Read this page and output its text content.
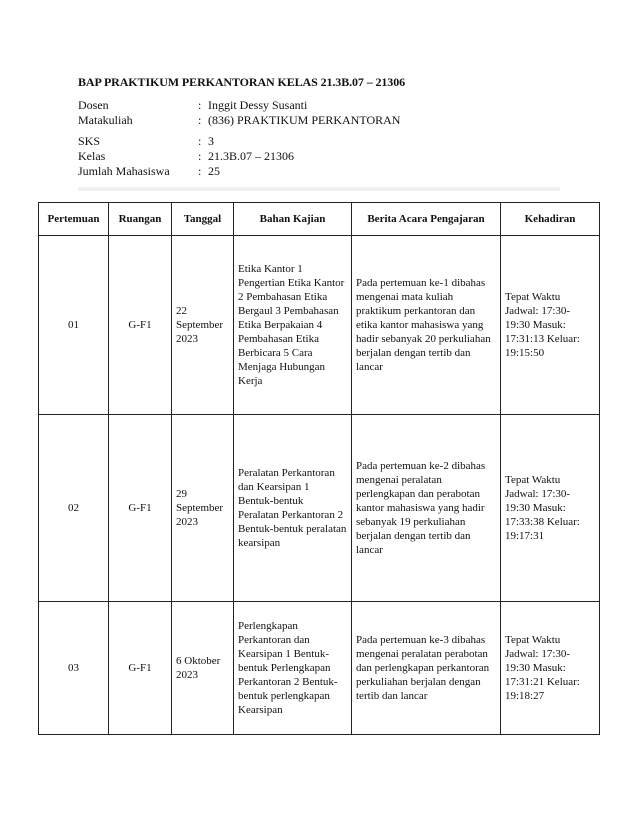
BAP PRAKTIKUM PERKANTORAN KELAS 21.3B.07 – 21306
Dosen	:	Inggit Dessy Susanti
Matakuliah	:	(836) PRAKTIKUM PERKANTORAN
SKS	:	3
Kelas	:	21.3B.07 – 21306
Jumlah Mahasiswa	:	25
Pertemuan	Ruangan	Tanggal	Bahan Kajian	Berita Acara Pengajaran	Kehadiran
01	G-F1	22 September 2023	Etika Kantor 1 Pengertian Etika Kantor 2 Pembahasan Etika Bergaul 3 Pembahasan Etika Berpakaian 4 Pembahasan Etika Berbicara 5 Cara Menjaga Hubungan Kerja	Pada pertemuan ke-1 dibahas mengenai mata kuliah praktikum perkantoran dan etika kantor mahasiswa yang hadir sebanyak 20 perkuliahan berjalan dengan tertib dan lancar	Tepat Waktu Jadwal: 17:30-19:30 Masuk: 17:31:13 Keluar: 19:15:50
02	G-F1	29 September 2023	Peralatan Perkantoran dan Kearsipan 1 Bentuk-bentuk Peralatan Perkantoran 2 Bentuk-bentuk peralatan kearsipan	Pada pertemuan ke-2 dibahas mengenai peralatan perlengkapan dan perabotan kantor mahasiswa yang hadir sebanyak 19 perkuliahan berjalan dengan tertib dan lancar	Tepat Waktu Jadwal: 17:30-19:30 Masuk: 17:33:38 Keluar: 19:17:31
03	G-F1	6 Oktober 2023	Perlengkapan Perkantoran dan Kearsipan 1 Bentuk-bentuk Perlengkapan Perkantoran 2 Bentuk-bentuk perlengkapan Kearsipan	Pada pertemuan ke-3 dibahas mengenai peralatan perabotan dan perlengkapan perkantoran perkuliahan berjalan dengan tertib dan lancar	Tepat Waktu Jadwal: 17:30-19:30 Masuk: 17:31:21 Keluar: 19:18:27
